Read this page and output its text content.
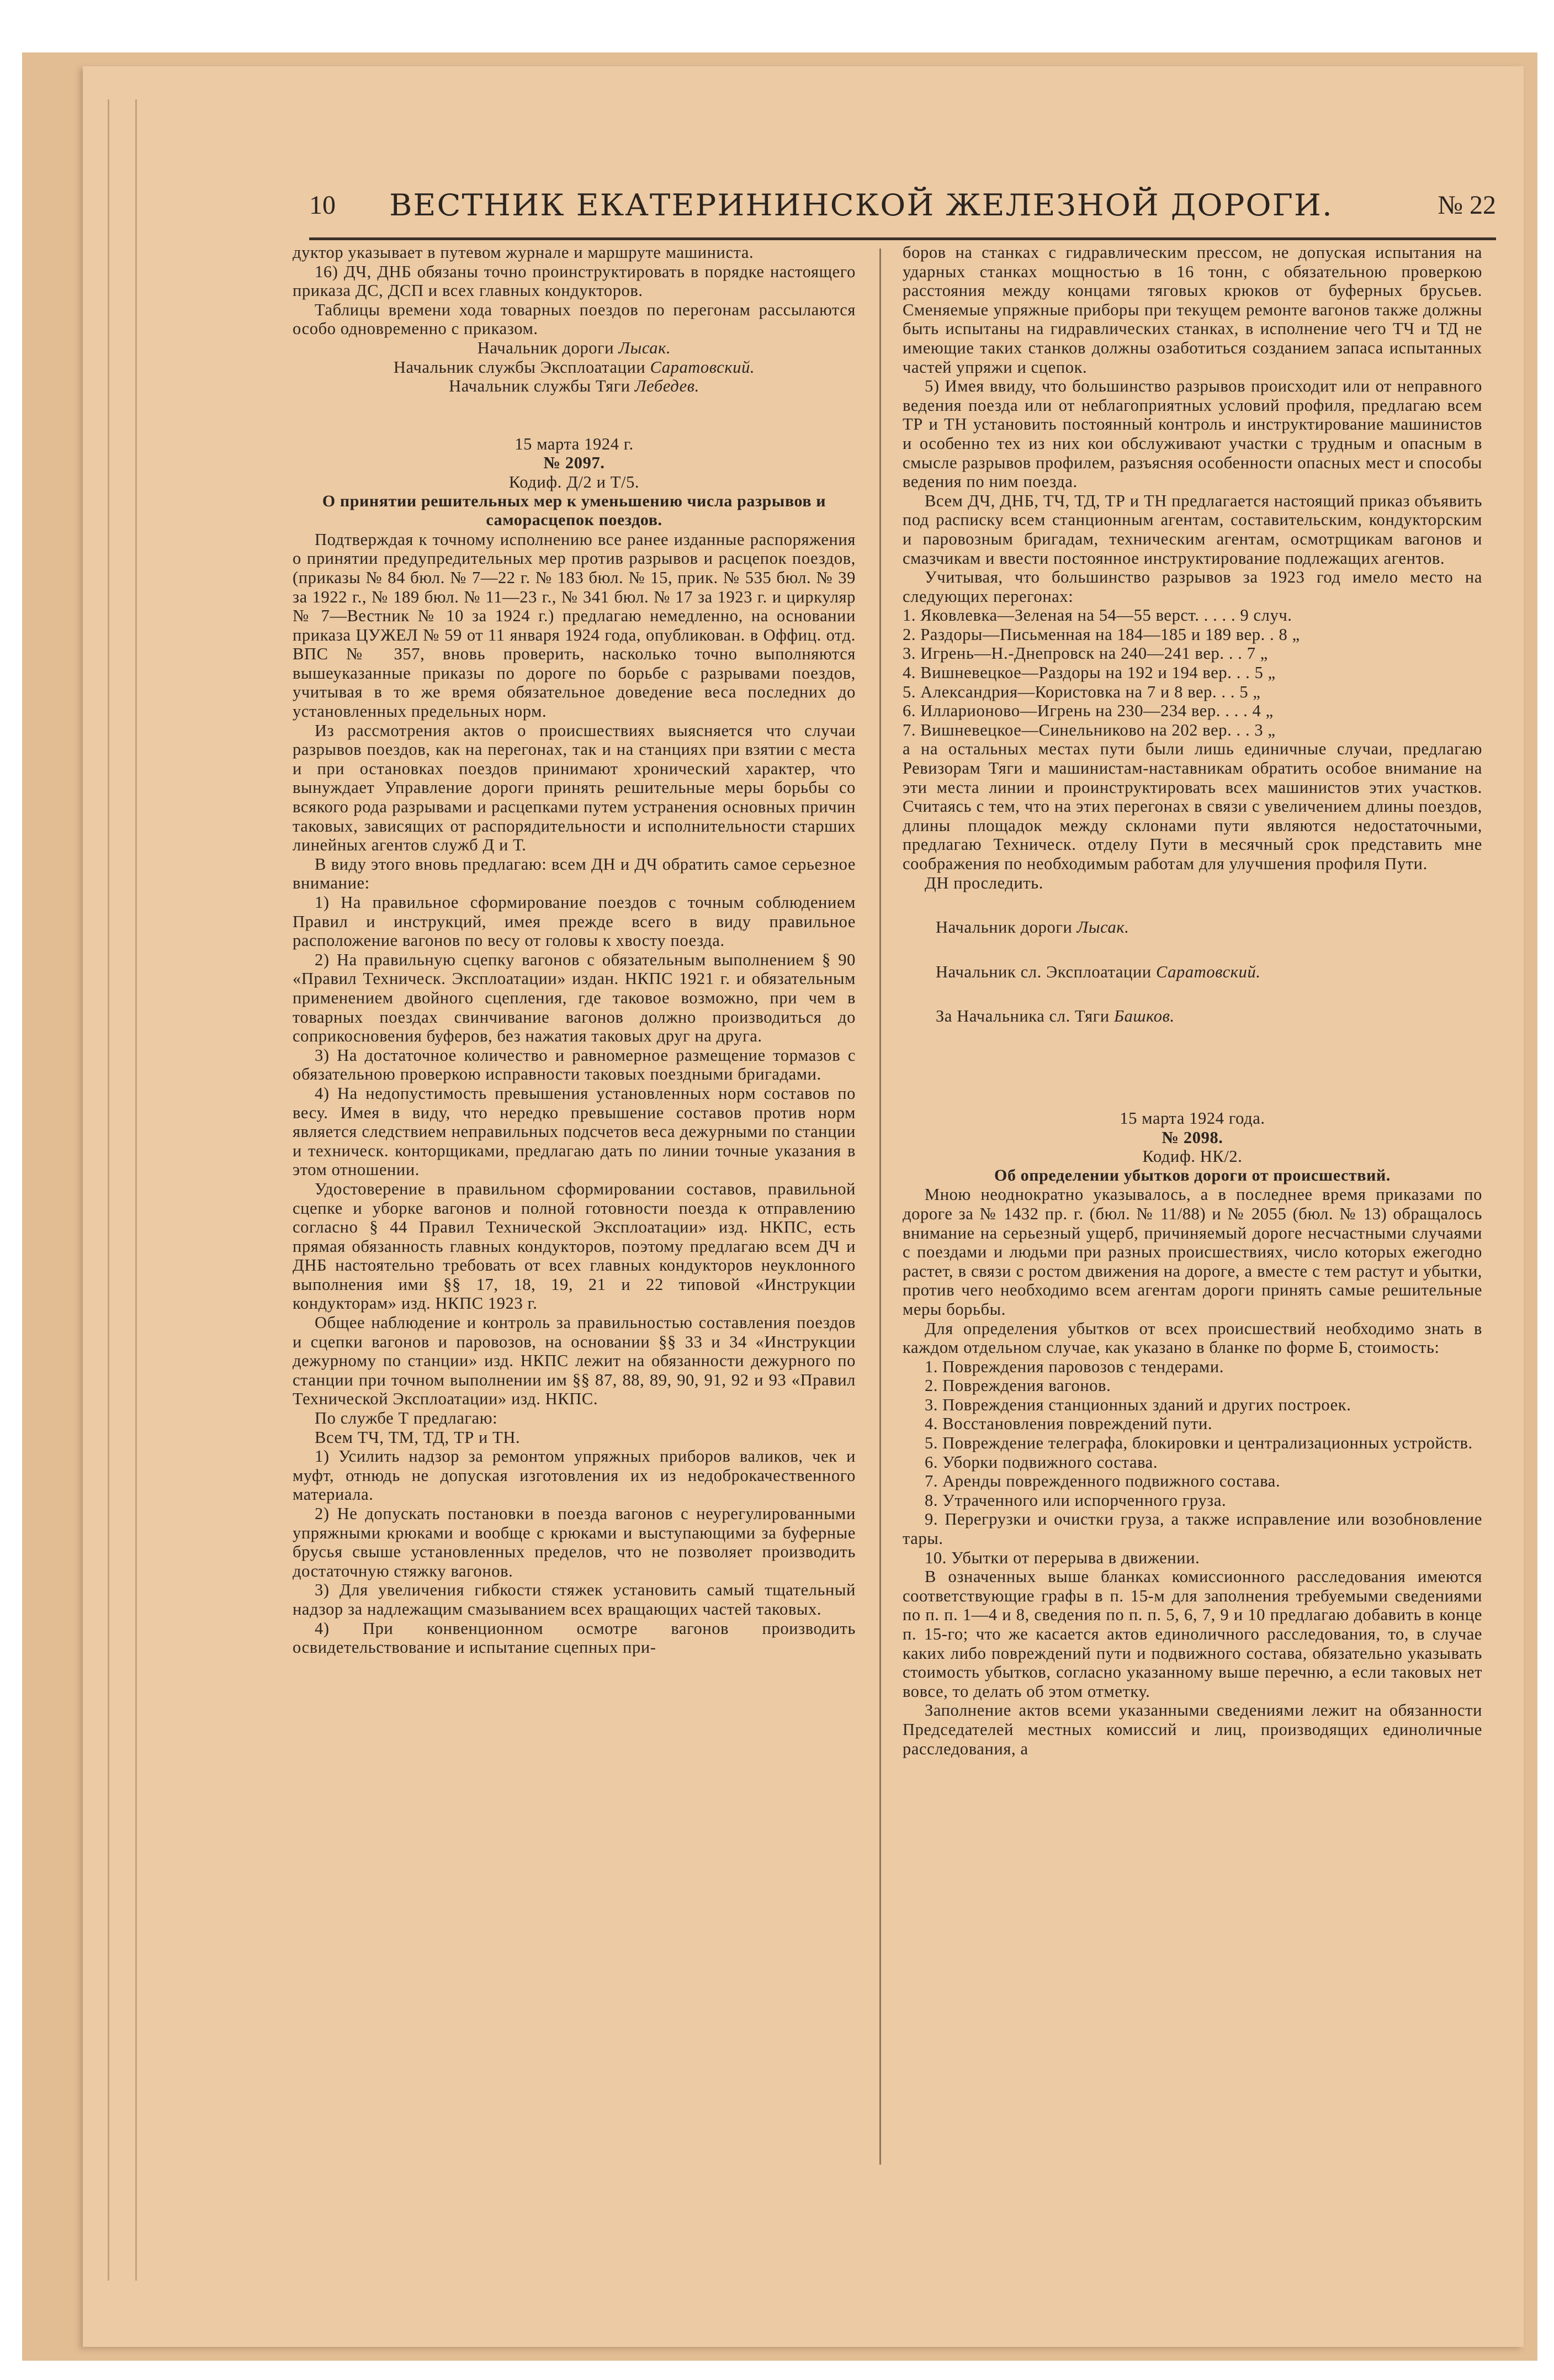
10	ВЕСТНИК ЕКАТЕРИНИНСКОЙ ЖЕЛЕЗНОЙ ДОРОГИ.	№ 22

дуктор указывает в путевом журнале и маршруте машиниста.

16) ДЧ, ДНБ обязаны точно проинструктировать в порядке настоящего приказа ДС, ДСП и всех главных кондукторов.

Таблицы времени хода товарных поездов по перегонам рассылаются особо одновременно с приказом.

Начальник дороги Лысак.

Начальник службы Эксплоатации Саратовский.

Начальник службы Тяги Лебедев.

15 марта 1924 г.

№ 2097.

Кодиф. Д/2 и Т/5.

О принятии решительных мер к уменьшению числа разрывов и саморасцепок поездов.

Подтверждая к точному исполнению все ранее изданные распоряжения о принятии предупредительных мер против разрывов и расцепок поездов, (приказы № 84 бюл. № 7—22 г. № 183 бюл. № 15, прик. № 535 бюл. № 39 за 1922 г., № 189 бюл. № 11—23 г., № 341 бюл. № 17 за 1923 г. и циркуляр № 7—Вестник № 10 за 1924 г.) предлагаю немедленно, на основании приказа ЦУЖЕЛ № 59 от 11 января 1924 года, опубликован. в Оффиц. отд. ВПС № 357, вновь проверить, насколько точно выполняются вышеуказанные приказы по дороге по борьбе с разрывами поездов, учитывая в то же время обязательное доведение веса последних до установленных предельных норм.

Из рассмотрения актов о происшествиях выясняется что случаи разрывов поездов, как на перегонах, так и на станциях при взятии с места и при остановках поездов принимают хронический характер, что вынуждает Управление дороги принять решительные меры борьбы со всякого рода разрывами и расцепками путем устранения основных причин таковых, зависящих от распорядительности и исполнительности старших линейных агентов служб Д и Т.

В виду этого вновь предлагаю: всем ДН и ДЧ обратить самое серьезное внимание:

1) На правильное сформирование поездов с точным соблюдением Правил и инструкций, имея прежде всего в виду правильное расположение вагонов по весу от головы к хвосту поезда.

2) На правильную сцепку вагонов с обязательным выполнением § 90 «Правил Техническ. Эксплоатации» издан. НКПС 1921 г. и обязательным применением двойного сцепления, где таковое возможно, при чем в товарных поездах свинчивание вагонов должно производиться до соприкосновения буферов, без нажатия таковых друг на друга.

3) На достаточное количество и равномерное размещение тормазов с обязательною проверкою исправности таковых поездными бригадами.

4) На недопустимость превышения установленных норм составов по весу. Имея в виду, что нередко превышение составов против норм является следствием неправильных подсчетов веса дежурными по станции и техническ. конторщиками, предлагаю дать по линии точные указания в этом отношении.

Удостоверение в правильном сформировании составов, правильной сцепке и уборке вагонов и полной готовности поезда к отправлению согласно § 44 Правил Технической Эксплоатации» изд. НКПС, есть прямая обязанность главных кондукторов, поэтому предлагаю всем ДЧ и ДНБ настоятельно требовать от всех главных кондукторов неуклонного выполнения ими §§ 17, 18, 19, 21 и 22 типовой «Инструкции кондукторам» изд. НКПС 1923 г.

Общее наблюдение и контроль за правильностью составления поездов и сцепки вагонов и паровозов, на основании §§ 33 и 34 «Инструкции дежурному по станции» изд. НКПС лежит на обязанности дежурного по станции при точном выполнении им §§ 87, 88, 89, 90, 91, 92 и 93 «Правил Технической Эксплоатации» изд. НКПС.

По службе Т предлагаю:

Всем ТЧ, ТМ, ТД, ТР и ТН.

1) Усилить надзор за ремонтом упряжных приборов валиков, чек и муфт, отнюдь не допуская изготовления их из недоброкачественного материала.

2) Не допускать постановки в поезда вагонов с неурегулированными упряжными крюками и вообще с крюками и выступающими за буферные брусья свыше установленных пределов, что не позволяет производить достаточную стяжку вагонов.

3) Для увеличения гибкости стяжек установить самый тщательный надзор за надлежащим смазыванием всех вращающих частей таковых.

4) При конвенционном осмотре вагонов производить освидетельствование и испытание сцепных при-

боров на станках с гидравлическим прессом, не допуская испытания на ударных станках мощностью в 16 тонн, с обязательною проверкою расстояния между концами тяговых крюков от буферных брусьев. Сменяемые упряжные приборы при текущем ремонте вагонов также должны быть испытаны на гидравлических станках, в исполнение чего ТЧ и ТД не имеющие таких станков должны озаботиться созданием запаса испытанных частей упряжи и сцепок.

5) Имея ввиду, что большинство разрывов происходит или от неправного ведения поезда или от неблагоприятных условий профиля, предлагаю всем ТР и ТН установить постоянный контроль и инструктирование машинистов и особенно тех из них кои обслуживают участки с трудным и опасным в смысле разрывов профилем, разъясняя особенности опасных мест и способы ведения по ним поезда.

Всем ДЧ, ДНБ, ТЧ, ТД, ТР и ТН предлагается настоящий приказ объявить под расписку всем станционным агентам, составительским, кондукторским и паровозным бригадам, техническим агентам, осмотрщикам вагонов и смазчикам и ввести постоянное инструктирование подлежащих агентов.

Учитывая, что большинство разрывов за 1923 год имело место на следующих перегонах:

1. Яковлевка—Зеленая на 54—55 верст. . . . . 9 случ.

2. Раздоры—Письменная на 184—185 и 189 вер. . 8 „

3. Игрень—Н.-Днепровск на 240—241 вер. . . 7 „

4. Вишневецкое—Раздоры на 192 и 194 вер. . . 5 „

5. Александрия—Користовка на 7 и 8 вер. . . 5 „

6. Илларионово—Игрень на 230—234 вер. . . . 4 „

7. Вишневецкое—Синельниково на 202 вер. . . 3 „

а на остальных местах пути были лишь единичные случаи, предлагаю Ревизорам Тяги и машинистам-наставникам обратить особое внимание на эти места линии и проинструктировать всех машинистов этих участков. Считаясь с тем, что на этих перегонах в связи с увеличением длины поездов, длины площадок между склонами пути являются недостаточными, предлагаю Техническ. отделу Пути в месячный срок представить мне соображения по необходимым работам для улучшения профиля Пути.

ДН проследить.

Начальник дороги Лысак.

Начальник сл. Эксплоатации Саратовский.

За Начальника сл. Тяги Башков.

15 марта 1924 года.

№ 2098.

Кодиф. НК/2.

Об определении убытков дороги от происшествий.

Мною неоднократно указывалось, а в последнее время приказами по дороге за № 1432 пр. г. (бюл. № 11/88) и № 2055 (бюл. № 13) обращалось внимание на серьезный ущерб, причиняемый дороге несчастными случаями с поездами и людьми при разных происшествиях, число которых ежегодно растет, в связи с ростом движения на дороге, а вместе с тем растут и убытки, против чего необходимо всем агентам дороги принять самые решительные меры борьбы.

Для определения убытков от всех происшествий необходимо знать в каждом отдельном случае, как указано в бланке по форме Б, стоимость:

1. Повреждения паровозов с тендерами.

2. Повреждения вагонов.

3. Повреждения станционных зданий и других построек.

4. Восстановления повреждений пути.

5. Повреждение телеграфа, блокировки и централизационных устройств.

6. Уборки подвижного состава.

7. Аренды поврежденного подвижного состава.

8. Утраченного или испорченного груза.

9. Перегрузки и очистки груза, а также исправление или возобновление тары.

10. Убытки от перерыва в движении.

В означенных выше бланках комиссионного расследования имеются соответствующие графы в п. 15-м для заполнения требуемыми сведениями по п. п. 1—4 и 8, сведения по п. п. 5, 6, 7, 9 и 10 предлагаю добавить в конце п. 15-го; что же касается актов единоличного расследования, то, в случае каких либо повреждений пути и подвижного состава, обязательно указывать стоимость убытков, согласно указанному выше перечню, а если таковых нет вовсе, то делать об этом отметку.

Заполнение актов всеми указанными сведениями лежит на обязанности Председателей местных комиссий и лиц, производящих единоличные расследования, а
